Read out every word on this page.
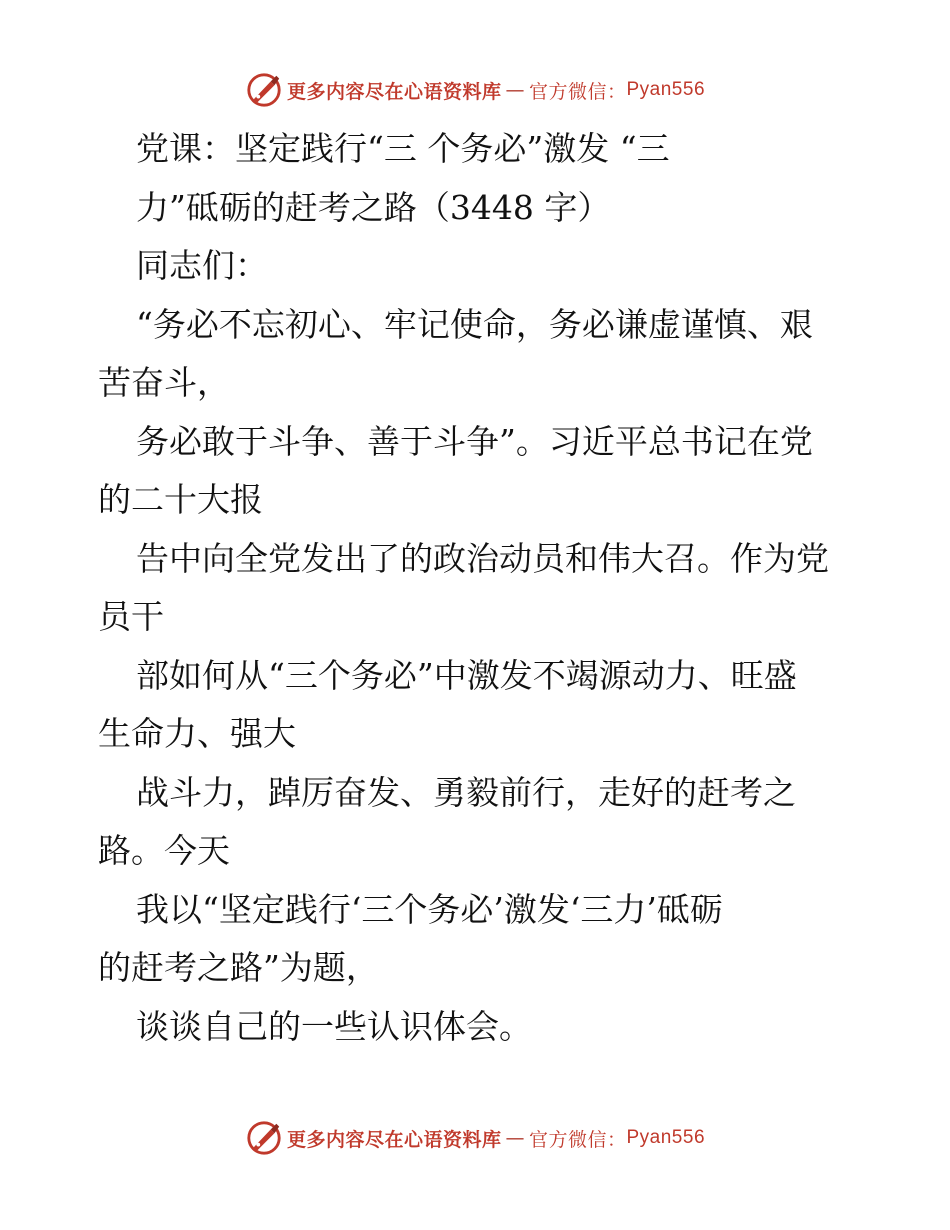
更多内容尽在心语资料库 — 官方微信： Pyan556
党课：坚定践行“三 个务必”激发 “三
力”砥砺的赶考之路（3448 字）
同志们：
“务必不忘初心、牢记使命，务必谦虚谨慎、艰
苦奋斗，
务必敢于斗争、善于斗争”。习近平总书记在党
的二十大报
告中向全党发出了的政治动员和伟大召。作为党
员干
部如何从“三个务必”中激发不竭源动力、旺盛
生命力、强大
战斗力，踔厉奋发、勇毅前行，走好的赶考之
路。今天
我以“坚定践行‘三个务必’激发‘三力’砥砺
的赶考之路”为题，
谈谈自己的一些认识体会。
更多内容尽在心语资料库 — 官方微信： Pyan556
